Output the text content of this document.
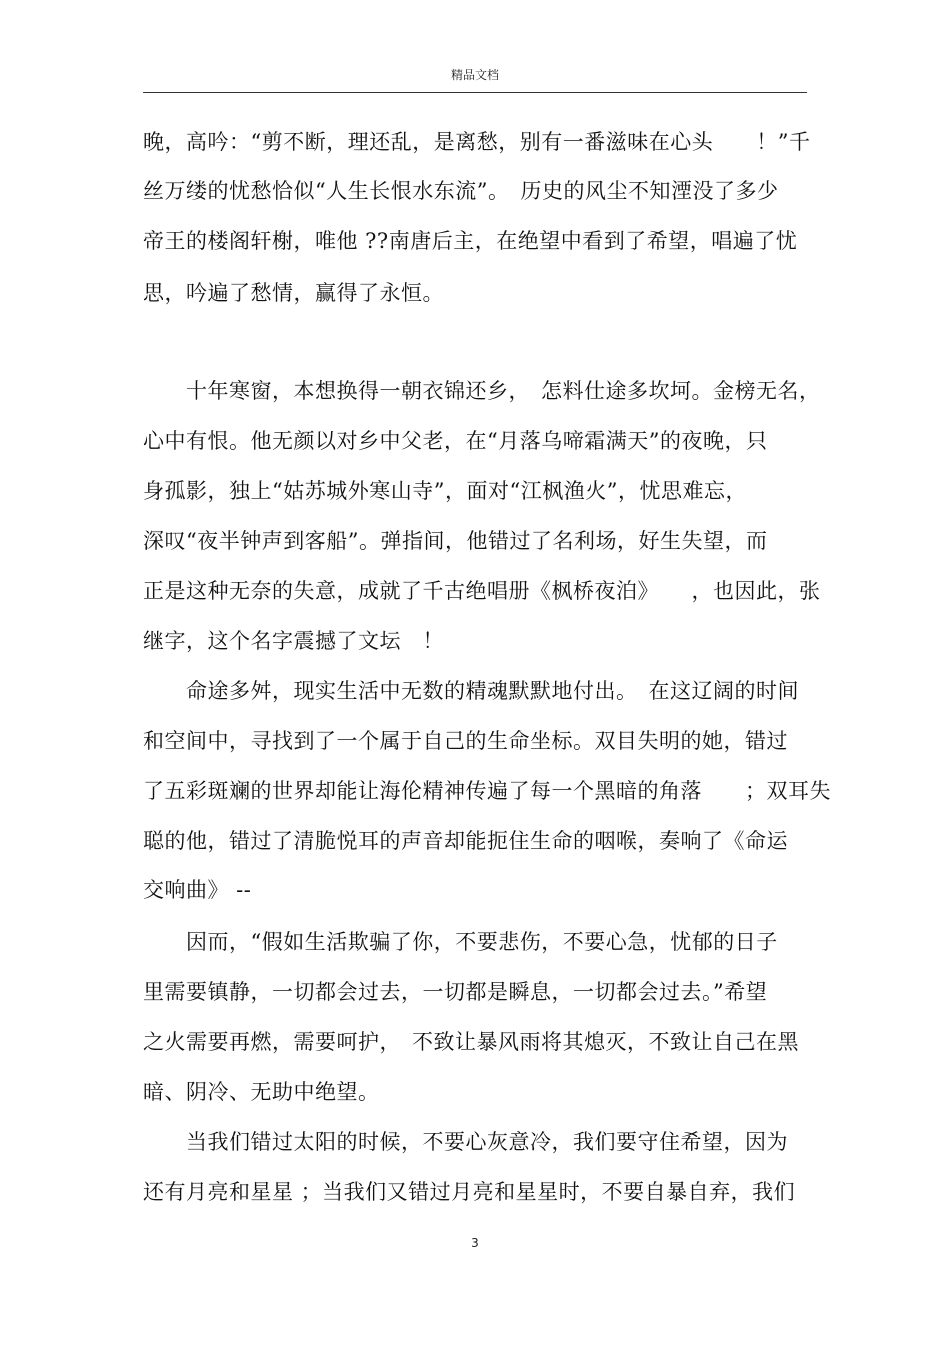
精品文档
晚，高吟：“剪不断，理还乱，是离愁，别有一番滋味在心头　　！”千
丝万缕的忧愁恰似“人生长恨水东流”。　历史的风尘不知湮没了多少
帝王的楼阁轩榭，唯他 ??南唐后主，在绝望中看到了希望，唱遍了忧
思，吟遍了愁情，赢得了永恒。
　　十年寒窗，本想换得一朝衣锦还乡，　怎料仕途多坎坷。金榜无名，
心中有恨。他无颜以对乡中父老，在“月落乌啼霜满天”的夜晚，只
身孤影，独上“姑苏城外寒山寺”，面对“江枫渔火”，忧思难忘，
深叹“夜半钟声到客船”。弹指间，他错过了名利场，好生失望，而
正是这种无奈的失意，成就了千古绝唱册《枫桥夜泊》　　，也因此，张
继字，这个名字震撼了文坛　！
　　命途多舛，现实生活中无数的精魂默默地付出。　在这辽阔的时间
和空间中，寻找到了一个属于自己的生命坐标。双目失明的她，错过
了五彩斑斓的世界却能让海伦精神传遍了每一个黑暗的角落　　；双耳失
聪的他，错过了清脆悦耳的声音却能扼住生命的咽喉，奏响了《命运
交响曲》 --
　　因而，“假如生活欺骗了你，不要悲伤，不要心急，忧郁的日子
里需要镇静，一切都会过去，一切都是瞬息，一切都会过去。”希望
之火需要再燃，需要呵护，　不致让暴风雨将其熄灭，不致让自己在黑
暗、阴冷、无助中绝望。
　　当我们错过太阳的时候，不要心灰意冷，我们要守住希望，因为
还有月亮和星星 ；当我们又错过月亮和星星时，不要自暴自弃，我们
3
